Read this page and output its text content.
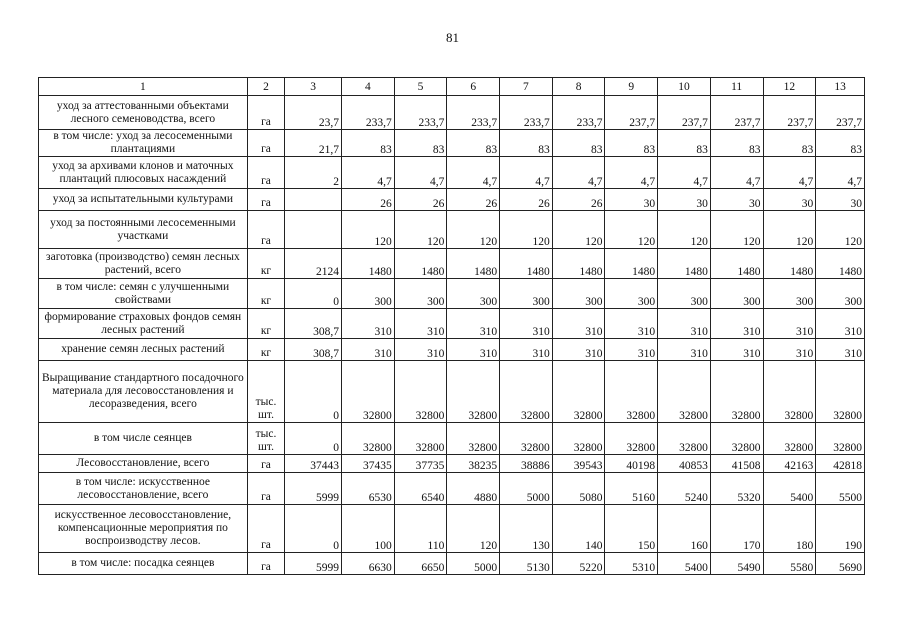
81
1	2	3	4	5	6	7	8	9	10	11	12	13
уход за аттестованными объектами лесного семеноводства, всего	га	23,7	233,7	233,7	233,7	233,7	233,7	237,7	237,7	237,7	237,7	237,7
в том числе: уход за лесосеменными плантациями	га	21,7	83	83	83	83	83	83	83	83	83	83
уход за архивами клонов и маточных плантаций плюсовых насаждений	га	2	4,7	4,7	4,7	4,7	4,7	4,7	4,7	4,7	4,7	4,7
уход за испытательными культурами	га		26	26	26	26	26	30	30	30	30	30
уход за постоянными лесосеменными участками	га		120	120	120	120	120	120	120	120	120	120
заготовка (производство) семян лесных растений, всего	кг	2124	1480	1480	1480	1480	1480	1480	1480	1480	1480	1480
в том числе: семян с улучшенными свойствами	кг	0	300	300	300	300	300	300	300	300	300	300
формирование страховых фондов семян лесных растений	кг	308,7	310	310	310	310	310	310	310	310	310	310
хранение семян лесных растений	кг	308,7	310	310	310	310	310	310	310	310	310	310
Выращивание стандартного посадочного материала для лесовосстановления и лесоразведения, всего	тыс. шт.	0	32800	32800	32800	32800	32800	32800	32800	32800	32800	32800
в том числе сеянцев	тыс. шт.	0	32800	32800	32800	32800	32800	32800	32800	32800	32800	32800
Лесовосстановление, всего	га	37443	37435	37735	38235	38886	39543	40198	40853	41508	42163	42818
в том числе: искусственное лесовосстановление, всего	га	5999	6530	6540	4880	5000	5080	5160	5240	5320	5400	5500
искусственное лесовосстановление, компенсационные мероприятия по воспроизводству лесов.	га	0	100	110	120	130	140	150	160	170	180	190
в том числе: посадка сеянцев	га	5999	6630	6650	5000	5130	5220	5310	5400	5490	5580	5690
